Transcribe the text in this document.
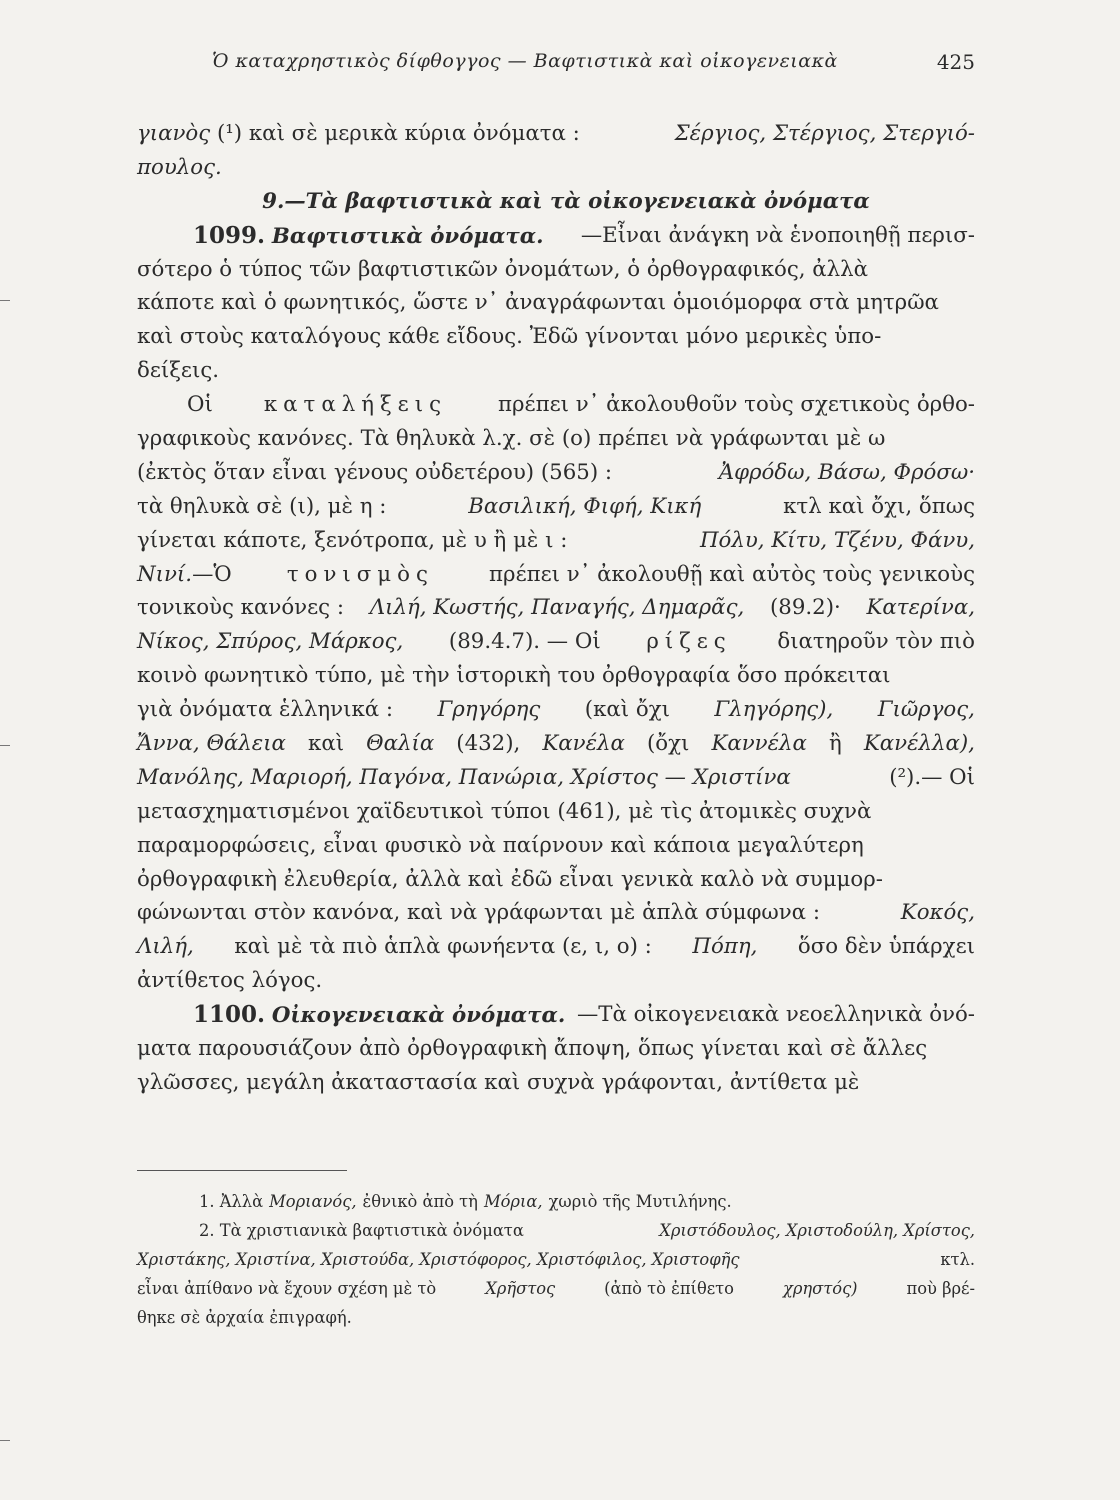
Ὁ καταχρηστικὸς δίφθογγος — Βαφτιστικὰ καὶ οἰκογενειακὰ	425
γιανὸς (¹) καὶ σὲ μερικὰ κύρια ὀνόματα :	Σέργιος, Στέργιος, Στεργιό-
πουλος.
9.—Τὰ βαφτιστικὰ καὶ τὰ οἰκογενειακὰ ὀνόματα
1099. Βαφτιστικὰ ὀνόματα. —Εἶναι ἀνάγκη νὰ ἑνοποιηθῇ περισ-
σότερο ὁ τύπος τῶν βαφτιστικῶν ὀνομάτων, ὁ ὀρθογραφικός, ἀλλὰ
κάποτε καὶ ὁ φωνητικός, ὥστε ν᾿ ἀναγράφωνται ὁμοιόμορφα στὰ μητρῶα
καὶ στοὺς καταλόγους κάθε εἴδους. Ἐδῶ γίνονται μόνο μερικὲς ὑπο-
δείξεις.
Οἱ καταλήξεις πρέπει ν᾿ ἀκολουθοῦν τοὺς σχετικοὺς ὀρθο-
γραφικοὺς κανόνες. Τὰ θηλυκὰ λ.χ. σὲ (ο) πρέπει νὰ γράφωνται μὲ ω
(ἐκτὸς ὅταν εἶναι γένους οὐδετέρου) (565) :	Ἀφρόδω, Βάσω, Φρόσω·
τὰ θηλυκὰ σὲ (ι), μὲ η :	Βασιλική, Φιφή, Κική	κτλ καὶ ὄχι, ὅπως
γίνεται κάποτε, ξενότροπα, μὲ υ ἢ μὲ ι :	Πόλυ, Κίτυ, Τζένυ, Φάνυ,
Νινί.—Ὁ	τονισμὸς	πρέπει ν᾿ ἀκολουθῇ καὶ αὐτὸς τοὺς γενικοὺς
τονικοὺς κανόνες : Λιλή, Κωστής, Παναγής, Δημαρᾶς, (89.2)· Κατερίνα,
Νίκος, Σπύρος, Μάρκος, (89.4.7). — Οἱ ρίζες διατηροῦν τὸν πιὸ
κοινὸ φωνητικὸ τύπο, μὲ τὴν ἱστορικὴ του ὀρθογραφία ὅσο πρόκειται
γιὰ ὀνόματα ἑλληνικά : Γρηγόρης (καὶ ὄχι Γληγόρης), Γιῶργος,
Ἄννα, Θάλεια καὶ Θαλία (432), Κανέλα (ὄχι Καννέλα ἢ Κανέλλα),
Μανόλης, Μαριορή, Παγόνα, Πανώρια, Χρίστος — Χριστίνα	(²).— Οἱ
μετασχηματισμένοι χαϊδευτικοὶ τύποι (461), μὲ τὶς ἀτομικὲς συχνὰ
παραμορφώσεις, εἶναι φυσικὸ νὰ παίρνουν καὶ κάποια μεγαλύτερη
ὀρθογραφικὴ ἐλευθερία, ἀλλὰ καὶ ἐδῶ εἶναι γενικὰ καλὸ νὰ συμμορ-
φώνωνται στὸν κανόνα, καὶ νὰ γράφωνται μὲ ἁπλὰ σύμφωνα :	Κοκός,
Λιλή, καὶ μὲ τὰ πιὸ ἁπλὰ φωνήεντα (ε, ι, ο) : Πόπη, ὅσο δὲν ὑπάρχει
ἀντίθετος λόγος.
1100. Οἰκογενειακὰ ὀνόματα. —Τὰ οἰκογενειακὰ νεοελληνικὰ ὀνό-
ματα παρουσιάζουν ἀπὸ ὀρθογραφικὴ ἄποψη, ὅπως γίνεται καὶ σὲ ἄλλες
γλῶσσες, μεγάλη ἀκαταστασία καὶ συχνὰ γράφονται, ἀντίθετα μὲ
1. Ἀλλὰ Μοριανός, ἐθνικὸ ἀπὸ τὴ Μόρια, χωριὸ τῆς Μυτιλήνης.
2. Τὰ χριστιανικὰ βαφτιστικὰ ὀνόματα	Χριστόδουλος, Χριστοδούλη, Χρίστος,
Χριστάκης, Χριστίνα, Χριστούδα, Χριστόφορος, Χριστόφιλος, Χριστοφῆς	κτλ.
εἶναι ἀπίθανο νὰ ἔχουν σχέση μὲ τὸ	Χρῆστος	(ἀπὸ τὸ ἐπίθετο	χρηστός)	ποὺ βρέ-
θηκε σὲ ἀρχαία ἐπιγραφή.
